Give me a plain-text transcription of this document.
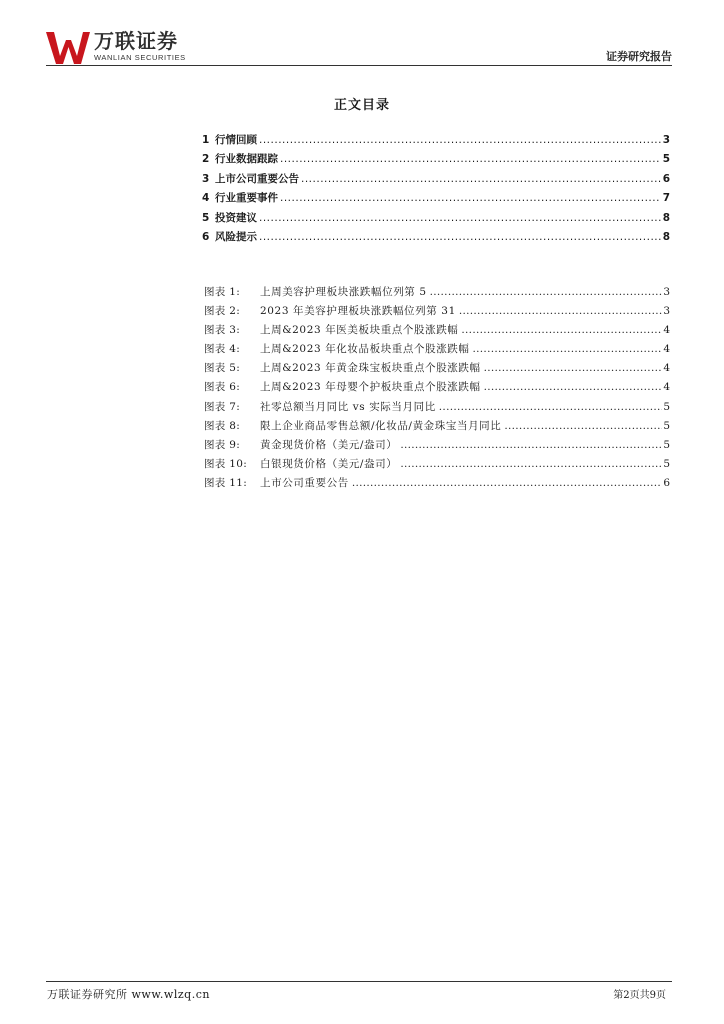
万联证券
WANLIAN SECURITIES	证券研究报告
正文目录
1 行情回顾 .....	3
2 行业数据跟踪 .....	5
3 上市公司重要公告 .....	6
4 行业重要事件 .....	7
5 投资建议 .....	8
6 风险提示 .....	8
图表 1:	上周美容护理板块涨跌幅位列第 5 .....	3
图表 2:	2023 年美容护理板块涨跌幅位列第 31 .....	3
图表 3:	上周&2023 年医美板块重点个股涨跌幅 .....	4
图表 4:	上周&2023 年化妆品板块重点个股涨跌幅 .....	4
图表 5:	上周&2023 年黄金珠宝板块重点个股涨跌幅 .....	4
图表 6:	上周&2023 年母婴个护板块重点个股涨跌幅 .....	4
图表 7:	社零总额当月同比 vs 实际当月同比 .....	5
图表 8:	限上企业商品零售总额/化妆品/黄金珠宝当月同比 .....	5
图表 9:	黄金现货价格（美元/盎司） .....	5
图表 10:	白银现货价格（美元/盎司） .....	5
图表 11:	上市公司重要公告 .....	6
万联证券研究所 www.wlzq.cn	第2页共9页
